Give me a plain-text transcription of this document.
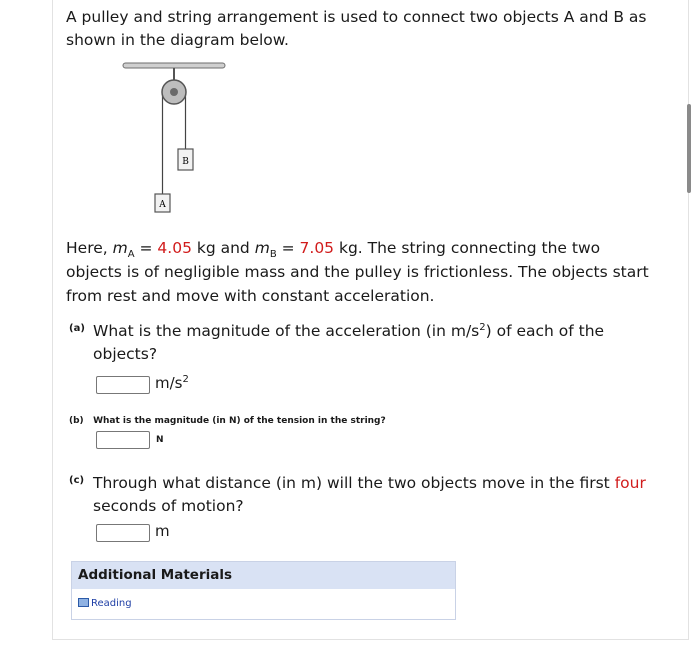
A pulley and string arrangement is used to connect two objects A and B as
shown in the diagram below.
B
A
Here, $m_A = 4.05$ kg and $m_B = 7.05$ kg. The string connecting the two
objects is of negligible mass and the pulley is frictionless. The objects start
from rest and move with constant acceleration.
(a) What is the magnitude of the acceleration (in $m/s^2$) of each of the
objects?
$m/s^2$
(b) What is the magnitude (in N) of the tension in the string?
N
(c) Through what distance (in m) will the two objects move in the first four
seconds of motion?
m
Additional Materials
Reading
